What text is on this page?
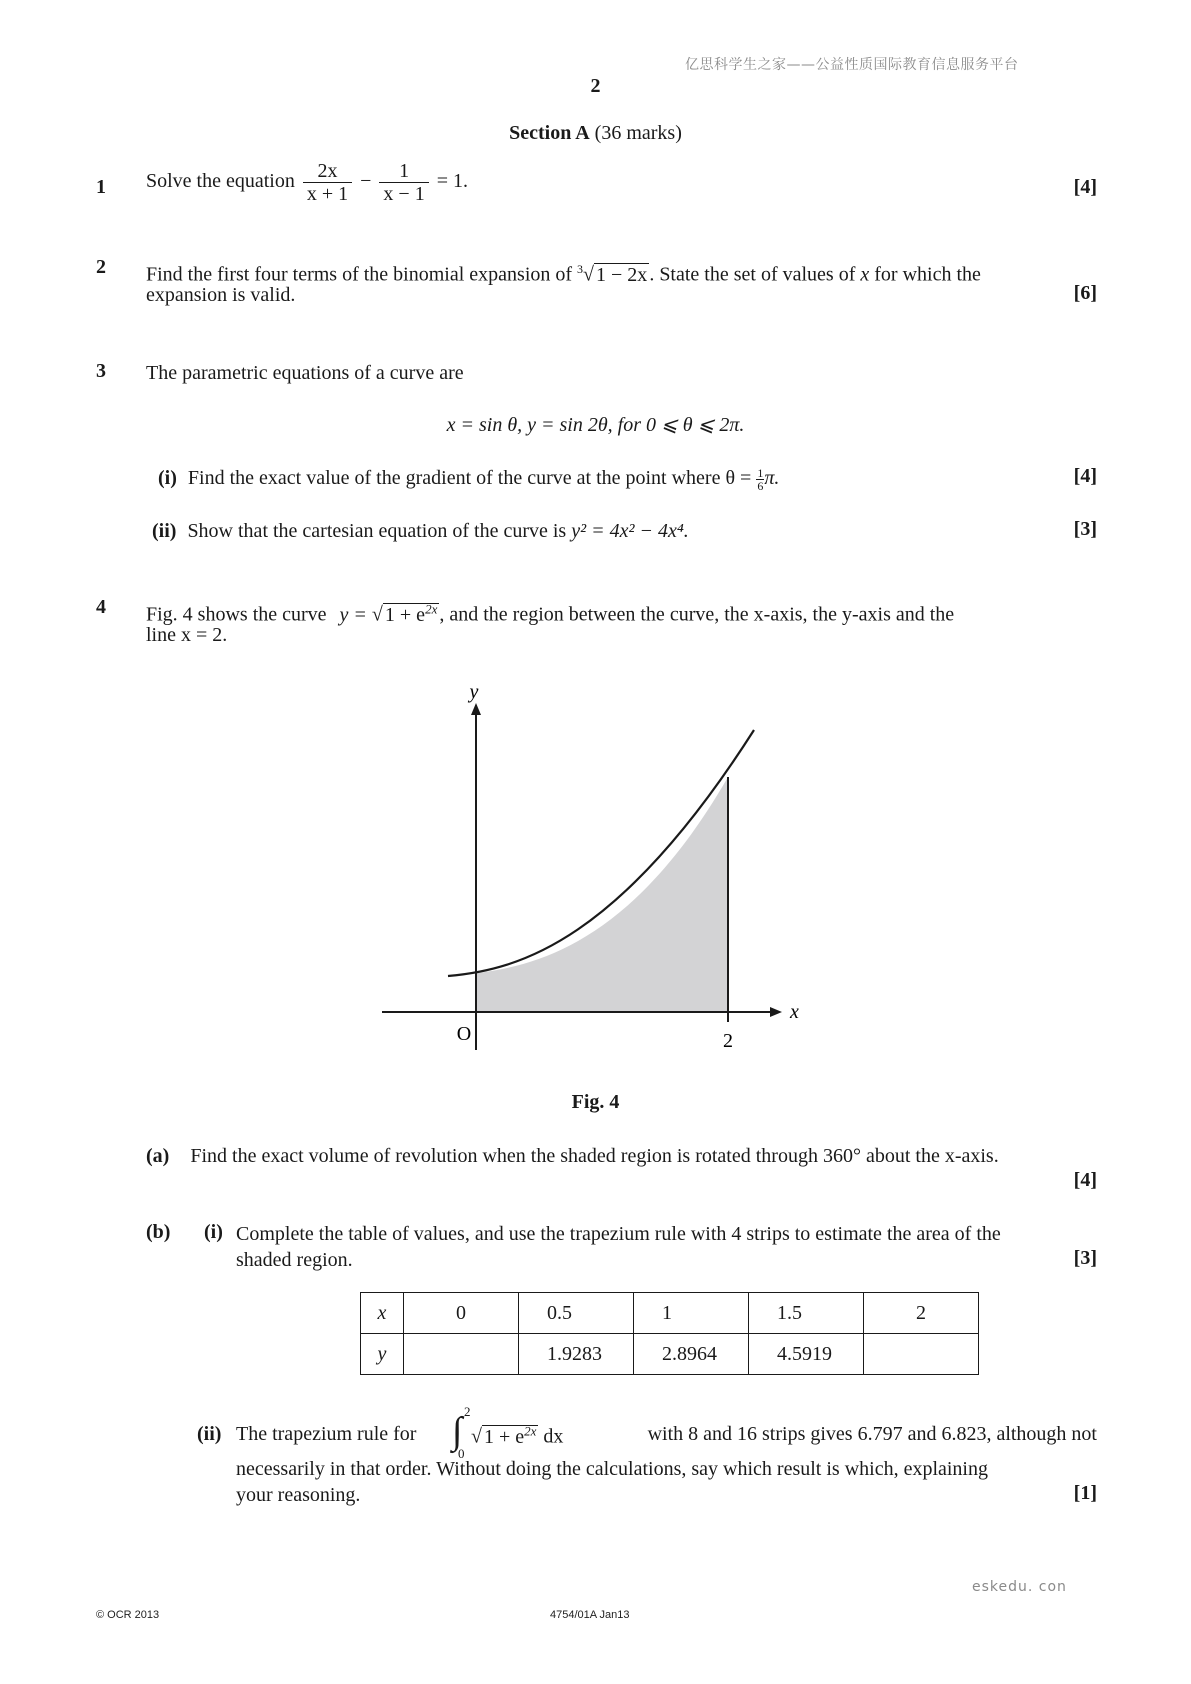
亿思科学生之家——公益性质国际教育信息服务平台
2
Section A (36 marks)
1 Solve the equation $\frac{2x}{x + 1} - \frac{1}{x - 1} = 1$.	[4]
2 Find the first four terms of the binomial expansion of $^3$√ 1 − 2x . State the set of values of x for which the
expansion is valid.	[6]
3 The parametric equations of a curve are
x = sin θ, y = sin 2θ, for 0 ⩽ θ ⩽ 2π.
(i) Find the exact value of the gradient of the curve at the point where $\theta = \frac{1}{6} \pi$.	[4]
(ii) Show that the cartesian equation of the curve is y² = 4x² − 4x⁴.	[3]
4 Fig. 4 shows the curve y = √ $1 + e^{2x}$ , and the region between the curve, the x-axis, the y-axis and the
line x = 2.
y
x
O	2
Fig. 4
(a) Find the exact volume of revolution when the shaded region is rotated through 360° about the x-axis.
[4]
(b) (i) Complete the table of values, and use the trapezium rule with 4 strips to estimate the area of the
shaded region.	[3]
x	0	0.5	1	1.5	2
y		1.9283	2.8964	4.5919	
(ii) The trapezium rule for ∫ 2
0
√ $1 + e^{2x}$ dx	with 8 and 16 strips gives 6.797 and 6.823, although not
necessarily in that order. Without doing the calculations, say which result is which, explaining
your reasoning.	[1]
eskedu. con
© OCR 2013	4754/01A Jan13
